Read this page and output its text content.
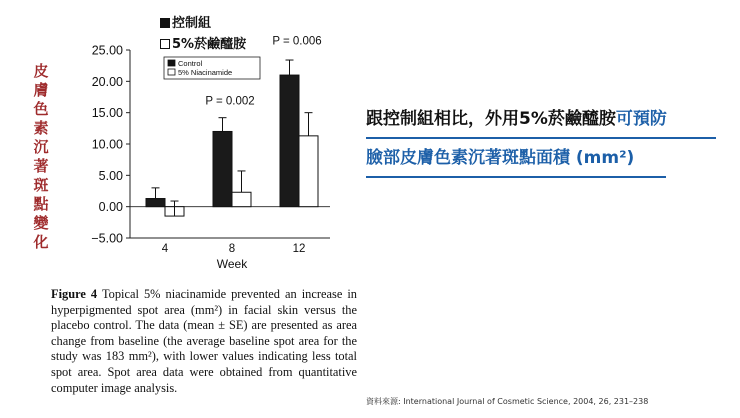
皮
膚
色
素
沉
著
斑
點
變
化
控制組
5%菸鹼醯胺
25.00
20.00
15.00
10.00
5.00
0.00
−5.00
4	8	12
Week
P = 0.002
P = 0.006
Control
5% Niacinamide
Figure 4 Topical 5% niacinamide prevented an increase in hyperpigmented spot area (mm²) in facial skin versus the placebo control. The data (mean ± SE) are presented as area change from baseline (the average baseline spot area for the study was 183 mm²), with lower values indicating less total spot area. Spot area data were obtained from quantitative computer image analysis.
跟控制組相比，外用5%菸鹼醯胺可預防
臉部皮膚色素沉著斑點面積 (mm²)
資料來源: International Journal of Cosmetic Science, 2004, 26, 231–238
